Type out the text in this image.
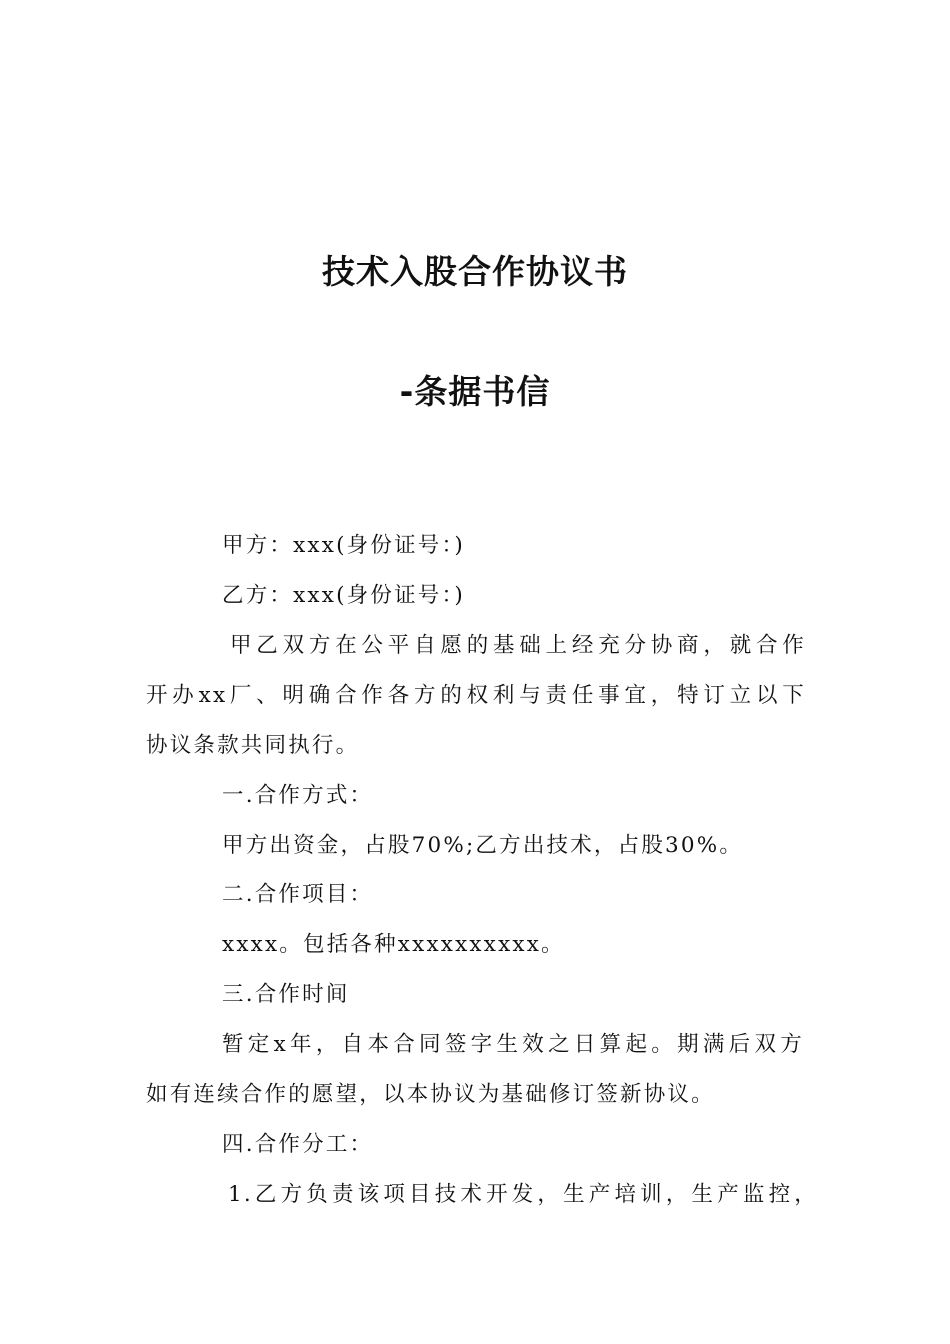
技术入股合作协议书
-条据书信
甲方：xxx(身份证号：)
乙方：xxx(身份证号：)
甲乙双方在公平自愿的基础上经充分协商，就合作
开办xx厂、明确合作各方的权利与责任事宜，特订立以下
协议条款共同执行。
一.合作方式：
甲方出资金，占股70%;乙方出技术，占股30%。
二.合作项目：
xxxx。包括各种xxxxxxxxxx。
三.合作时间
暂定x年，自本合同签字生效之日算起。期满后双方
如有连续合作的愿望，以本协议为基础修订签新协议。
四.合作分工：
1.乙方负责该项目技术开发，生产培训，生产监控，
